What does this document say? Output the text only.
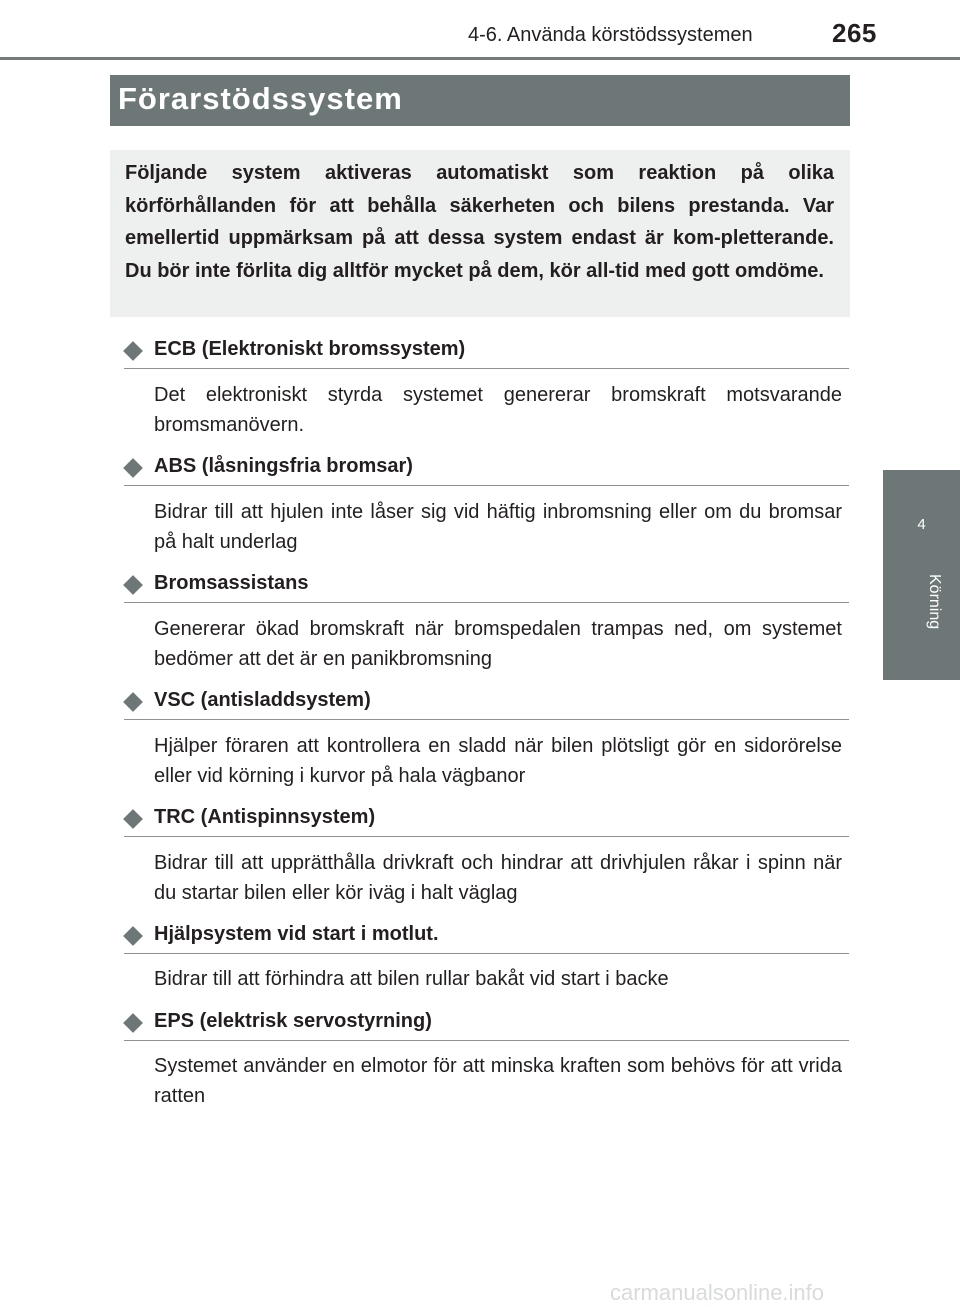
4-6. Använda körstödssystemen	265
4
Körning
Förarstödssystem
Följande system aktiveras automatiskt som reaktion på olika körförhållanden för att behålla säkerheten och bilens prestanda. Var emellertid uppmärksam på att dessa system endast är kom-pletterande. Du bör inte förlita dig alltför mycket på dem, kör all-tid med gott omdöme.
ECB (Elektroniskt bromssystem)
Det elektroniskt styrda systemet genererar bromskraft motsvarande bromsmanövern.
ABS (låsningsfria bromsar)
Bidrar till att hjulen inte låser sig vid häftig inbromsning eller om du bromsar på halt underlag
Bromsassistans
Genererar ökad bromskraft när bromspedalen trampas ned, om systemet bedömer att det är en panikbromsning
VSC (antisladdsystem)
Hjälper föraren att kontrollera en sladd när bilen plötsligt gör en sidorörelse eller vid körning i kurvor på hala vägbanor
TRC (Antispinnsystem)
Bidrar till att upprätthålla drivkraft och hindrar att drivhjulen råkar i spinn när du startar bilen eller kör iväg i halt väglag
Hjälpsystem vid start i motlut.
Bidrar till att förhindra att bilen rullar bakåt vid start i backe
EPS (elektrisk servostyrning)
Systemet använder en elmotor för att minska kraften som behövs för att vrida ratten
carmanualsonline.info
